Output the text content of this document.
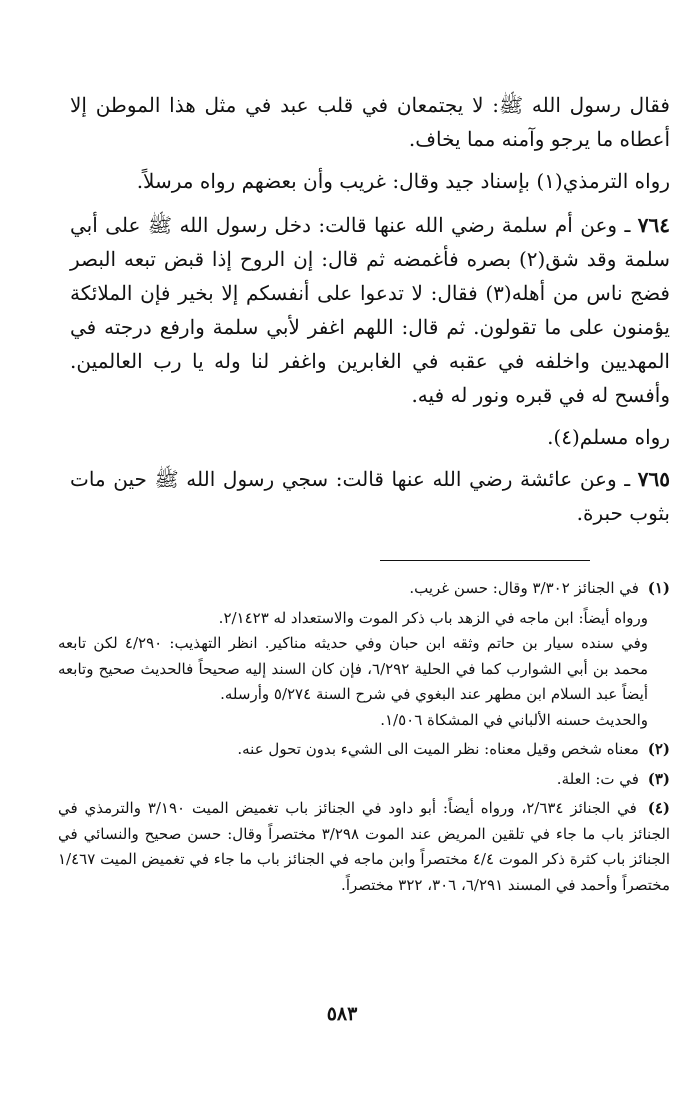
فقال رسول الله ﷺ: لا يجتمعان في قلب عبد في مثل هذا الموطن إلا أعطاه ما يرجو وآمنه مما يخاف.

رواه الترمذي(١) بإسناد جيد وقال: غريب وأن بعضهم رواه مرسلاً.

٧٦٤ ـ وعن أم سلمة رضي الله عنها قالت: دخل رسول الله ﷺ على أبي سلمة وقد شق(٢) بصره فأغمضه ثم قال: إن الروح إذا قبض تبعه البصر فضج ناس من أهله(٣) فقال: لا تدعوا على أنفسكم إلا بخير فإن الملائكة يؤمنون على ما تقولون. ثم قال: اللهم اغفر لأبي سلمة وارفع درجته في المهديين واخلفه في عقبه في الغابرين واغفر لنا وله يا رب العالمين. وأفسح له في قبره ونور له فيه.

رواه مسلم(٤).

٧٦٥ ـ وعن عائشة رضي الله عنها قالت: سجي رسول الله ﷺ حين مات بثوب حبرة.

(١) في الجنائز ٣/٣٠٢ وقال: حسن غريب.

ورواه أيضاً: ابن ماجه في الزهد باب ذكر الموت والاستعداد له ٢/١٤٢٣.

وفي سنده سيار بن حاتم وثقه ابن حبان وفي حديثه مناكير. انظر التهذيب: ٤/٢٩٠ لكن تابعه محمد بن أبي الشوارب كما في الحلية ٦/٢٩٢، فإن كان السند إليه صحيحاً فالحديث صحيح وتابعه أيضاً عبد السلام ابن مطهر عند البغوي في شرح السنة ٥/٢٧٤ وأرسله.

والحديث حسنه الألباني في المشكاة ١/٥٠٦.

(٢) معناه شخص وقيل معناه: نظر الميت الى الشيء بدون تحول عنه.

(٣) في ت: العلة.

(٤) في الجنائز ٢/٦٣٤، ورواه أيضاً: أبو داود في الجنائز باب تغميض الميت ٣/١٩٠ والترمذي في الجنائز باب ما جاء في تلقين المريض عند الموت ٣/٢٩٨ مختصراً وقال: حسن صحيح والنسائي في الجنائز باب كثرة ذكر الموت ٤/٤ مختصراً وابن ماجه في الجنائز باب ما جاء في تغميض الميت ١/٤٦٧ مختصراً وأحمد في المسند ٦/٢٩١، ٣٠٦، ٣٢٢ مختصراً.

٥٨٣
